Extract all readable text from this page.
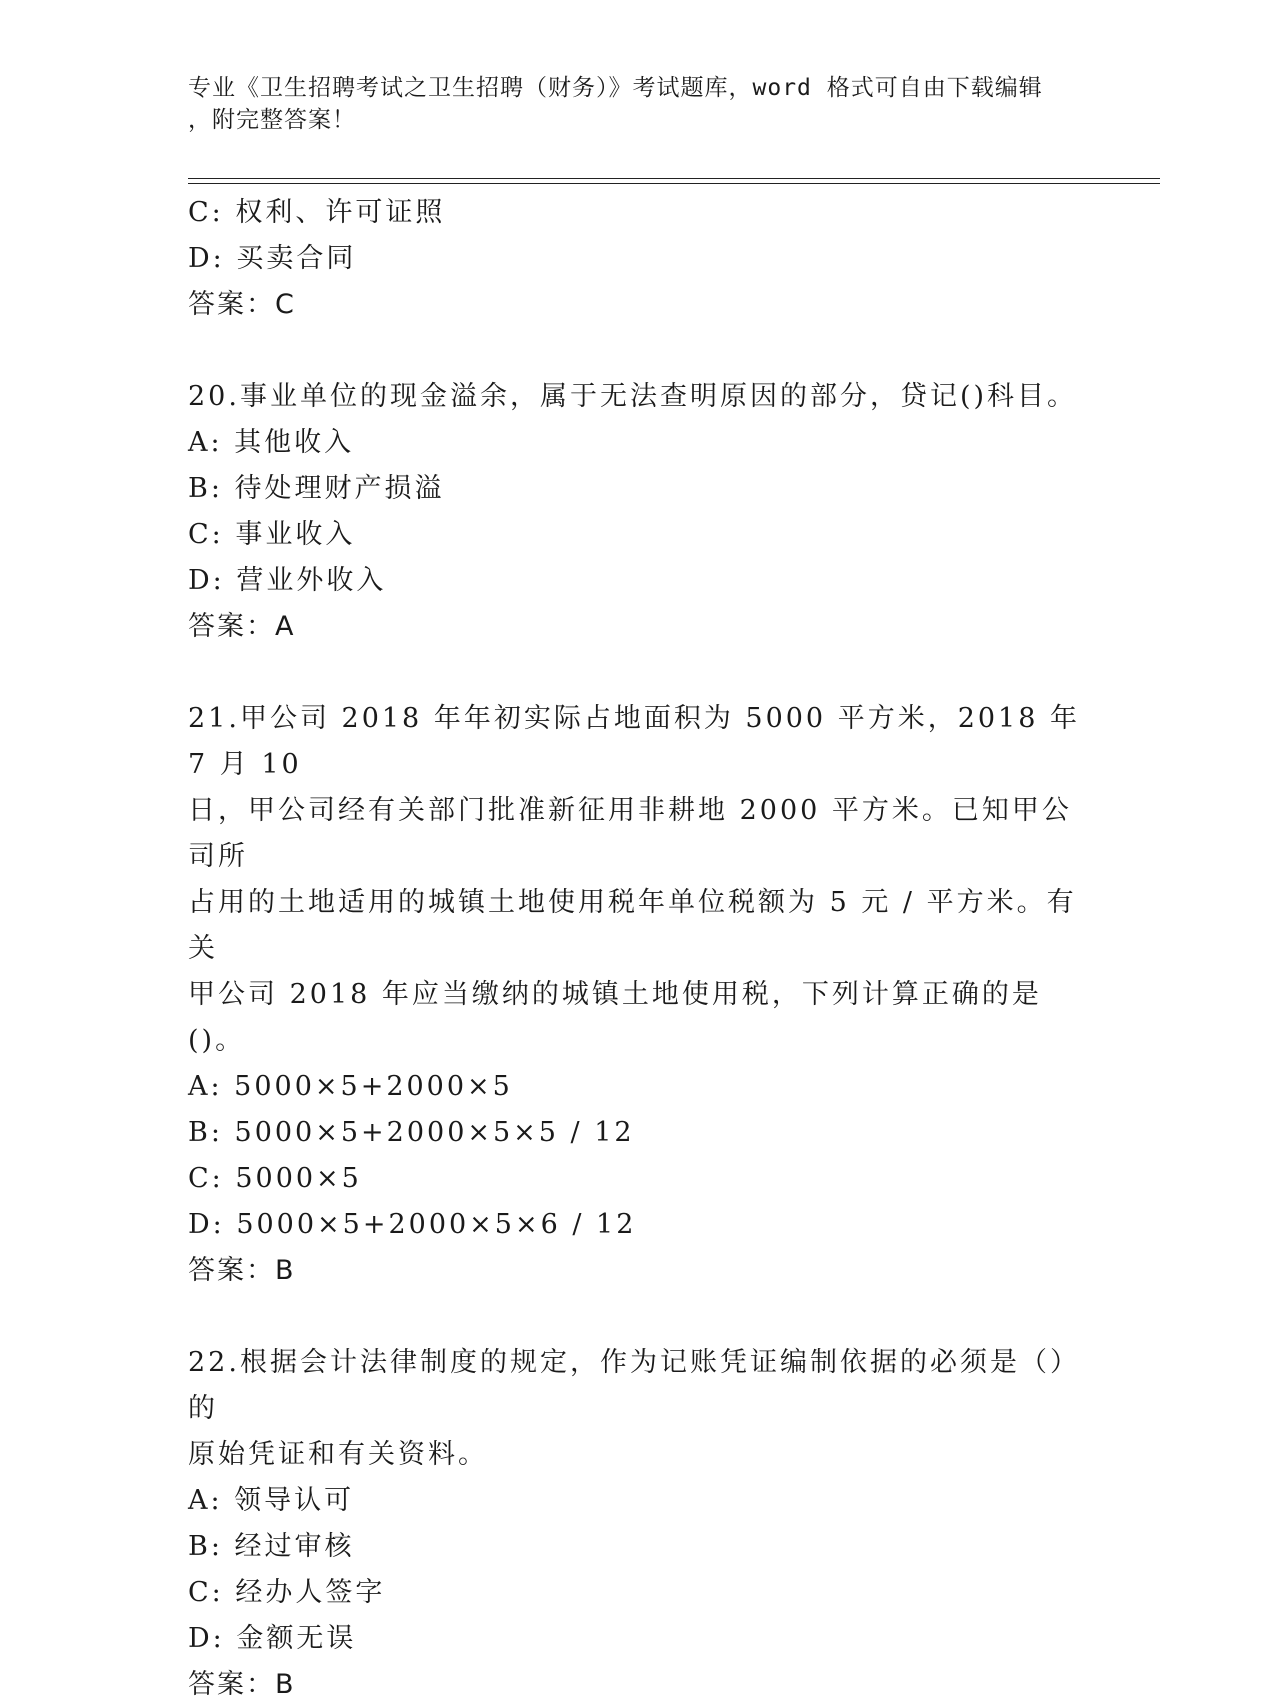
专业《卫生招聘考试之卫生招聘（财务）》考试题库，word 格式可自由下载编辑
，附完整答案！
C: 权利、许可证照
D: 买卖合同
答案：C
20.事业单位的现金溢余，属于无法查明原因的部分，贷记()科目。
A: 其他收入
B: 待处理财产损溢
C: 事业收入
D: 营业外收入
答案：A
21.甲公司 2018 年年初实际占地面积为 5000 平方米，2018 年 7 月 10
日，甲公司经有关部门批准新征用非耕地 2000 平方米。已知甲公司所
占用的土地适用的城镇土地使用税年单位税额为 5 元 / 平方米。有关
甲公司 2018 年应当缴纳的城镇土地使用税，下列计算正确的是()。
A: 5000×5+2000×5
B: 5000×5+2000×5×5 / 12
C: 5000×5
D: 5000×5+2000×5×6 / 12
答案：B
22.根据会计法律制度的规定，作为记账凭证编制依据的必须是（）的
原始凭证和有关资料。
A: 领导认可
B: 经过审核
C: 经办人签字
D: 金额无误
答案：B
